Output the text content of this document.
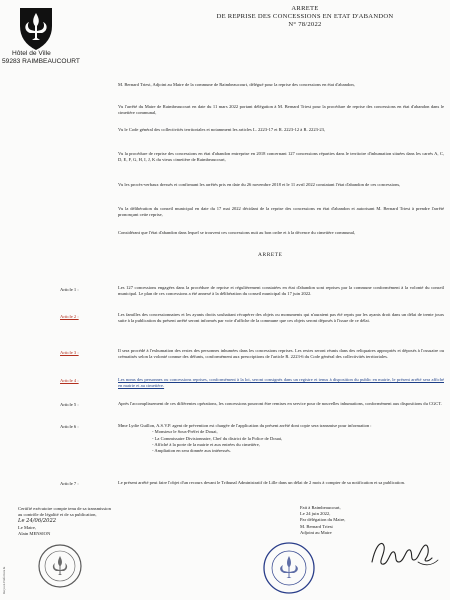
Hôtel de Ville
59283 RAIMBEAUCOURT
ARRETE
DE REPRISE DES CONCESSIONS EN ETAT D'ABANDON
N° 78/2022
M. Bernard Triest, Adjoint au Maire de la commune de Raimbeaucourt, délégué pour la reprise des concessions en état d'abandon,
Vu l'arrêté du Maire de Raimbeaucourt en date du 11 mars 2022 portant délégation à M. Bernard Triest pour la procédure de reprise des concessions en état d'abandon dans le cimetière communal,
Vu le Code général des collectivités territoriales et notamment les articles L. 2223-17 et R. 2223-12 à R. 2223-23,
Vu la procédure de reprise des concessions en état d'abandon entreprise en 2018 concernant 127 concessions réparties dans le territoire d'inhumation situées dans les carrés A, C, D, E, F, G, H, I, J, K du vieux cimetière de Raimbeaucourt,
Vu les procès-verbaux dressés et confirmant les arrêtés pris en date du 26 novembre 2018 et le 11 avril 2022 constatant l'état d'abandon de ces concessions,
Vu la délibération du conseil municipal en date du 17 mai 2022 décidant de la reprise des concessions en état d'abandon et autorisant M. Bernard Triest à prendre l'arrêté prononçant cette reprise,
Considérant que l'état d'abandon dans lequel se trouvent ces concessions nuit au bon ordre et à la décence du cimetière communal,
ARRETE
Article 1 :	Les 127 concessions engagées dans la procédure de reprise et régulièrement constatées en état d'abandon sont reprises par la commune conformément à la volonté du conseil municipal. Le plan de ces concessions a été annexé à la délibération du conseil municipal du 17 juin 2022.

Article 2 :	Les familles des concessionnaires et les ayants droits souhaitant récupérer des objets ou monuments qui n'auraient pas été repris par les ayants droit dans un délai de trente jours suite à la publication du présent arrêté seront informés par voie d'affiche de la commune que ces objets seront déposés à l'issue de ce délai.

Article 3 :	Il sera procédé à l'exhumation des restes des personnes inhumées dans les concessions reprises. Les restes seront réunis dans des reliquaires appropriés et déposés à l'ossuaire ou crématisés selon la volonté connue des défunts, conformément aux prescriptions de l'article R. 2223-6 du Code général des collectivités territoriales.

Article 4 :	Les noms des personnes ou concessions reprises, conformément à la loi, seront consignés dans un registre et tenus à disposition du public en mairie, le présent arrêté sera affiché en mairie et au cimetière.

Article 5 :	Après l'accomplissement de ces différentes opérations, les concessions pourront être remises en service pour de nouvelles inhumations, conformément aux dispositions du CGCT.

Article 6 :	Mme Lydie Guillon, A.S.V.P. agent de prévention est chargée de l'application du présent arrêté dont copie sera transmise pour information :

- Monsieur le Sous-Préfet de Douai,
- La Commissaire Divisionnaire, Chef du district de la Police de Douai,
- Affiché à la porte de la mairie et aux entrées du cimetière,
- Ampliation en sera donnée aux intéressés.
Article 7 :	Le présent arrêté peut faire l'objet d'un recours devant le Tribunal Administratif de Lille dans un délai de 2 mois à compter de sa notification et sa publication.

Certifié exécutoire compte tenu de sa transmission
au contrôle de légalité et de sa publication,
Le 24/06/2022
Le Maire,
Alain MENSION
Fait à Raimbeaucourt,
Le 24 juin 2022,
Par délégation du Maire,
M. Bernard Triest
Adjoint au Maire
Reçu en Préfecture le
